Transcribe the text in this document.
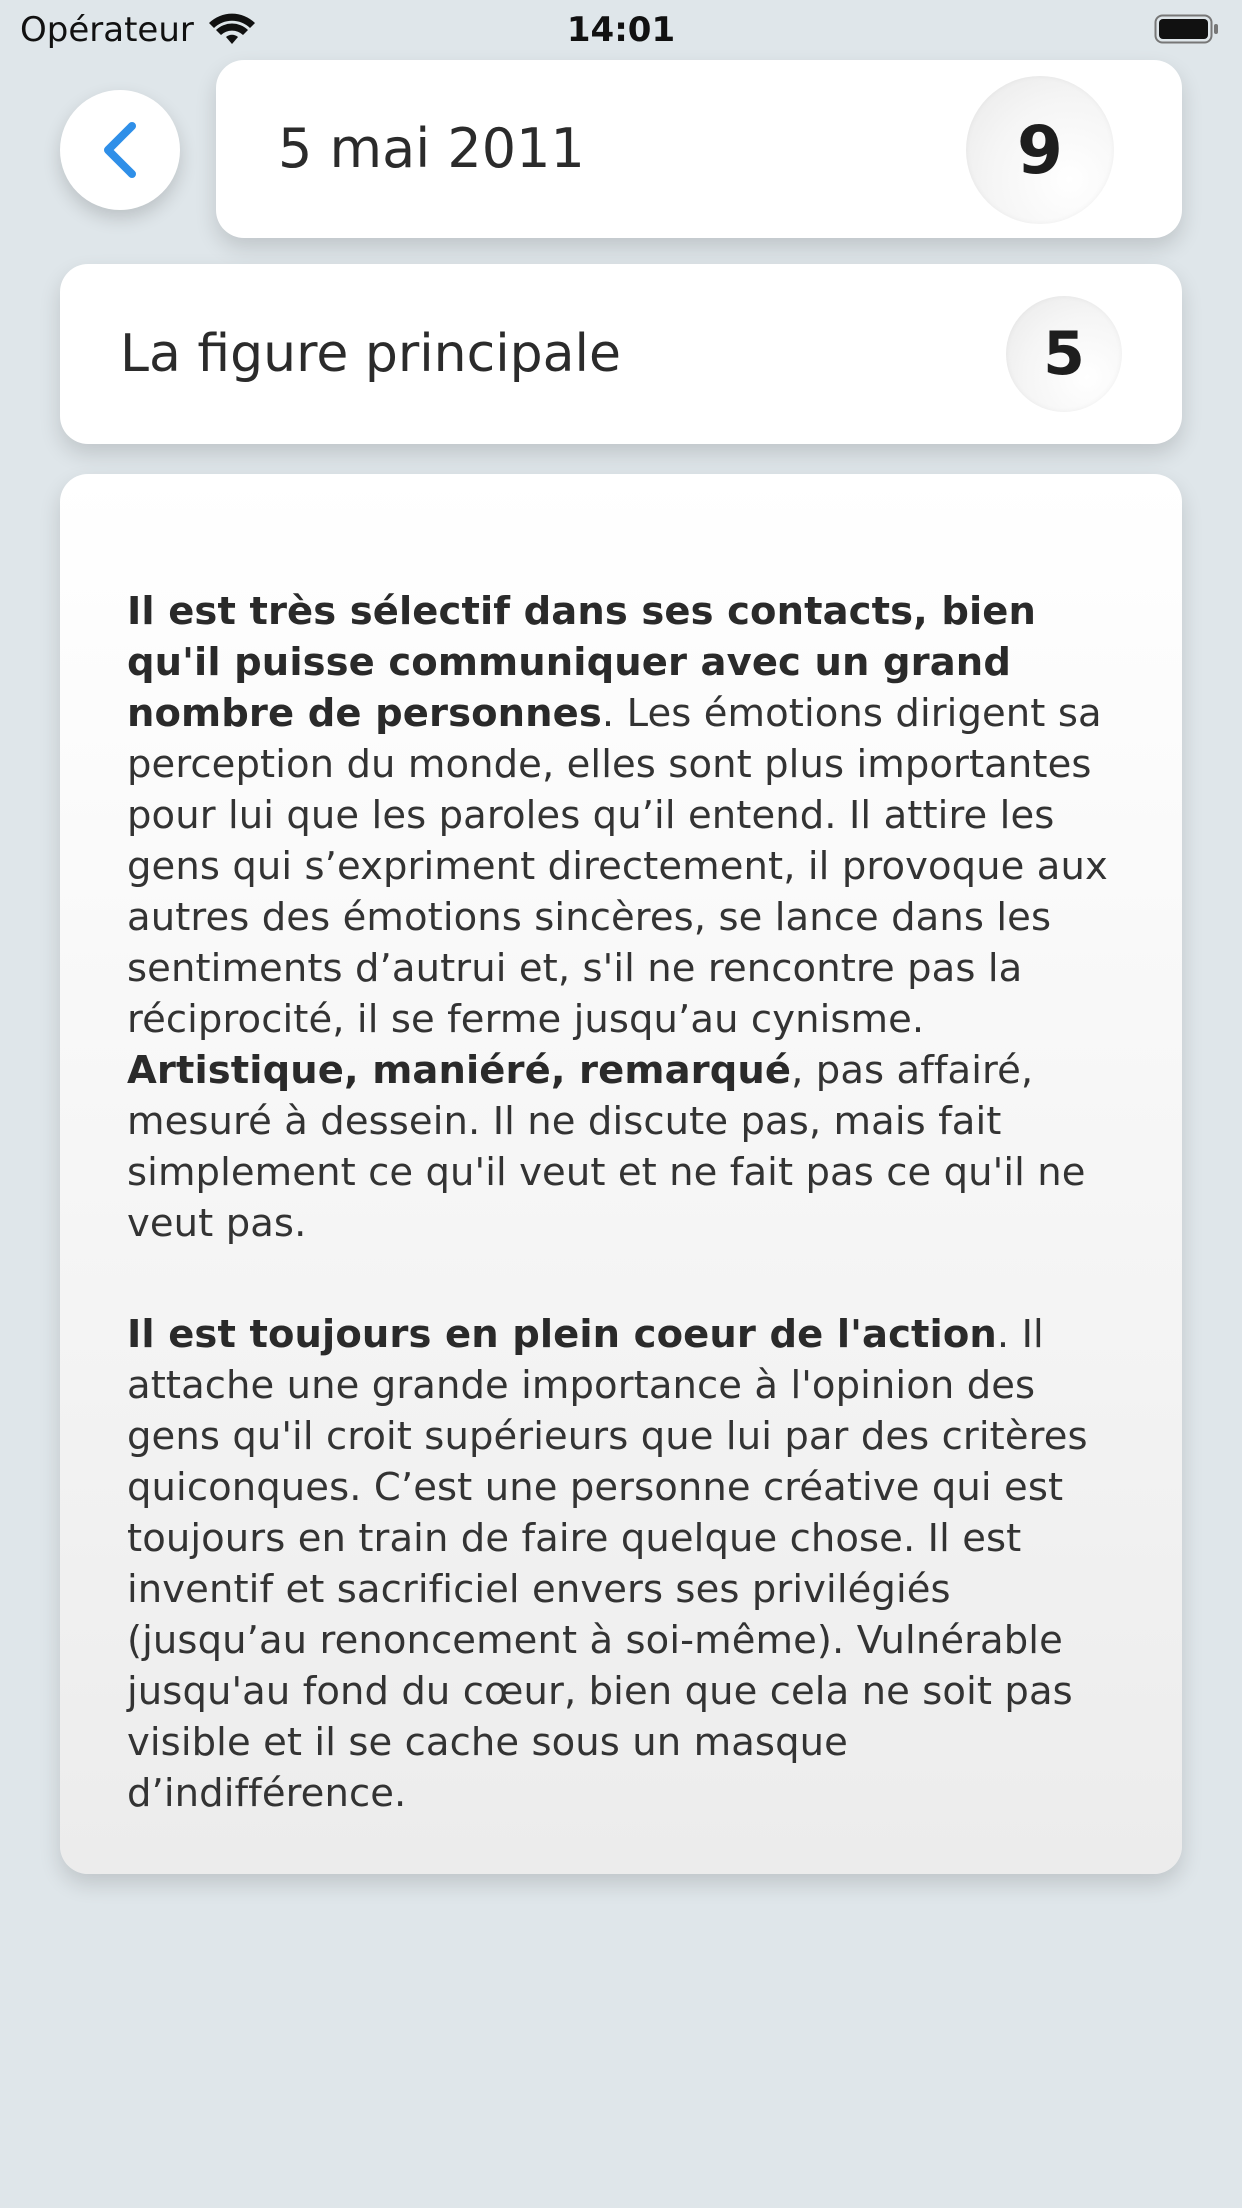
Opérateur	14:01
5 mai 2011	9
La figure principale	5

Il est très sélectif dans ses contacts, bien qu'il puisse communiquer avec un grand nombre de personnes. Les émotions dirigent sa perception du monde, elles sont plus importantes pour lui que les paroles qu’il entend. Il attire les gens qui s’expriment directement, il provoque aux autres des émotions sincères, se lance dans les sentiments d’autrui et, s'il ne rencontre pas la réciprocité, il se ferme jusqu’au cynisme. Artistique, maniéré, remarqué, pas affairé, mesuré à dessein. Il ne discute pas, mais fait simplement ce qu'il veut et ne fait pas ce qu'il ne veut pas.

Il est toujours en plein coeur de l'action. Il attache une grande importance à l'opinion des gens qu'il croit supérieurs que lui par des critères quiconques. C’est une personne créative qui est toujours en train de faire quelque chose. Il est inventif et sacrificiel envers ses privilégiés (jusqu’au renoncement à soi-même). Vulnérable jusqu'au fond du cœur, bien que cela ne soit pas visible et il se cache sous un masque d’indifférence.
